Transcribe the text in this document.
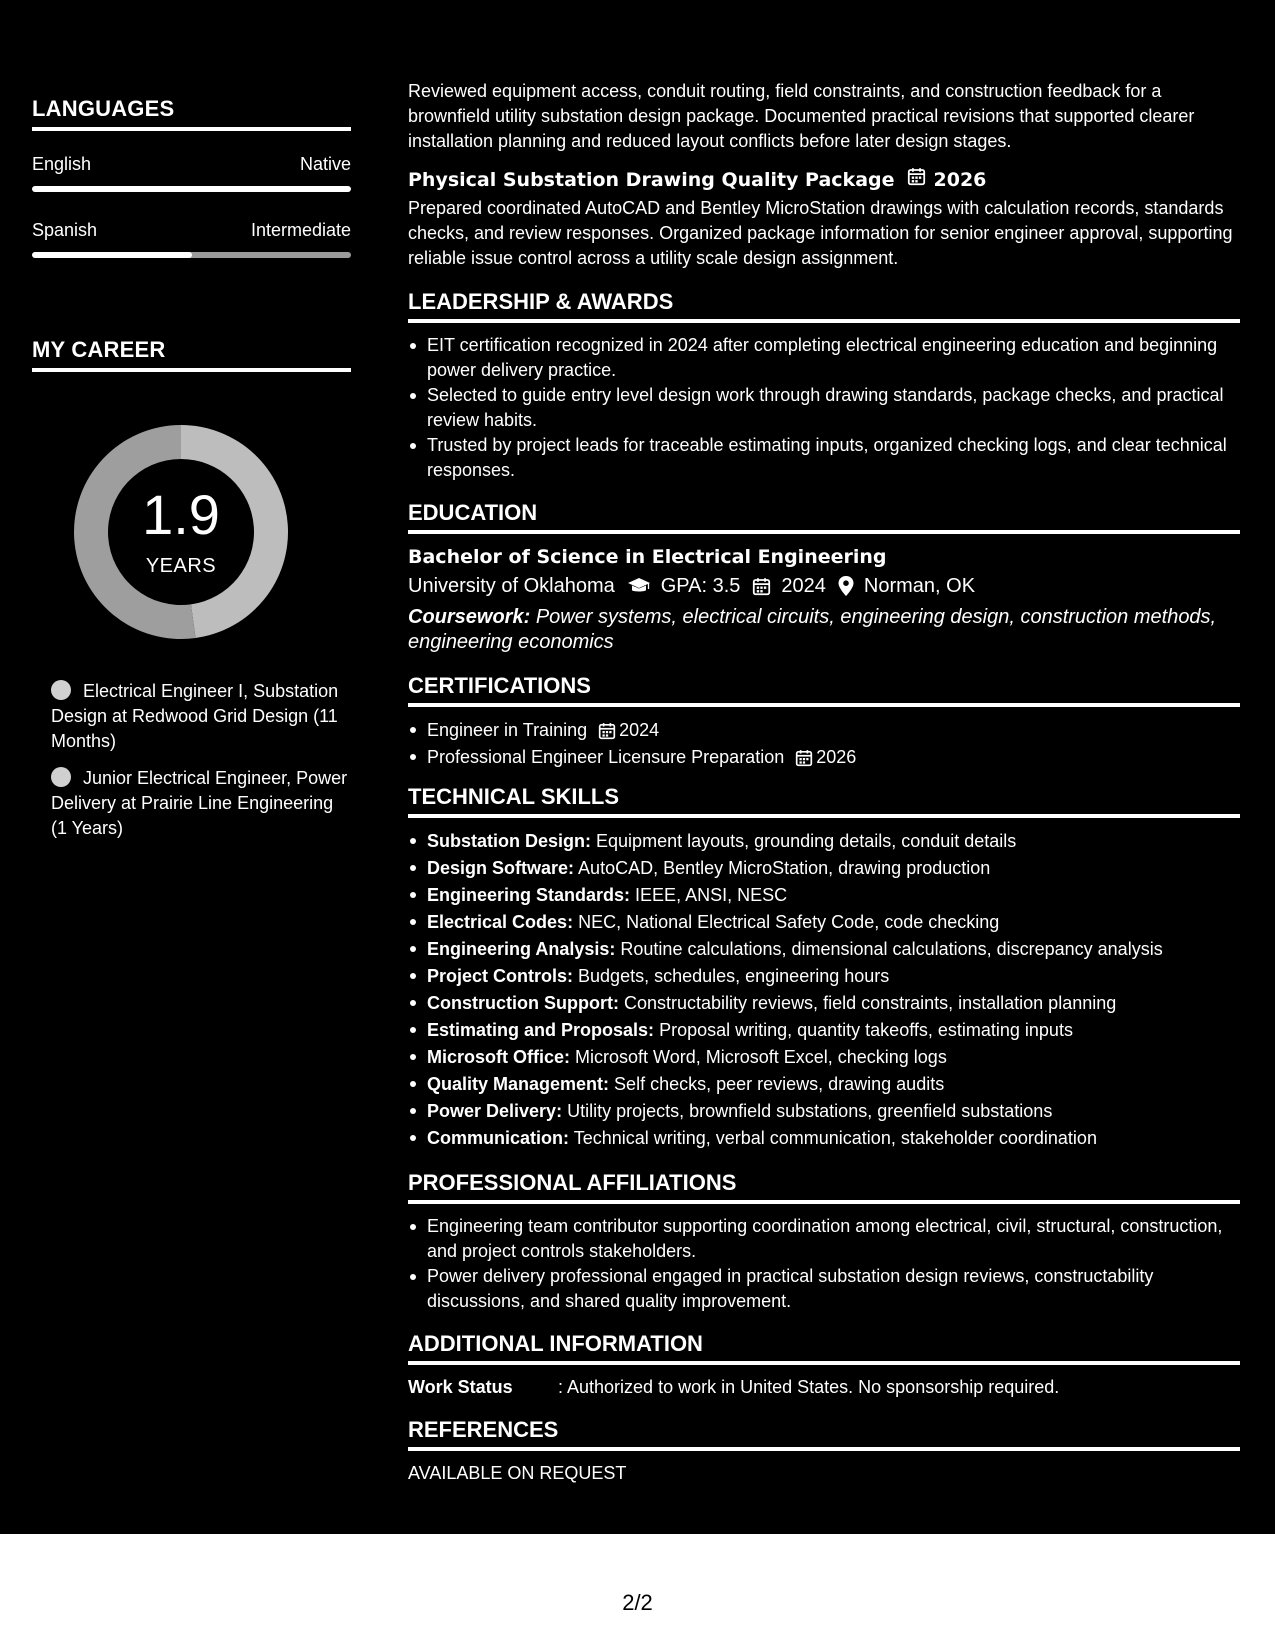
LANGUAGES
English	Native
Spanish	Intermediate
MY CAREER
1.9
YEARS
Electrical Engineer I, Substation Design at Redwood Grid Design (11 Months)
Junior Electrical Engineer, Power Delivery at Prairie Line Engineering (1 Years)
Reviewed equipment access, conduit routing, field constraints, and construction feedback for a brownfield utility substation design package. Documented practical revisions that supported clearer installation planning and reduced layout conflicts before later design stages.
Physical Substation Drawing Quality Package 2026
Prepared coordinated AutoCAD and Bentley MicroStation drawings with calculation records, standards checks, and review responses. Organized package information for senior engineer approval, supporting reliable issue control across a utility scale design assignment.
LEADERSHIP & AWARDS
EIT certification recognized in 2024 after completing electrical engineering education and beginning power delivery practice.
Selected to guide entry level design work through drawing standards, package checks, and practical review habits.
Trusted by project leads for traceable estimating inputs, organized checking logs, and clear technical responses.
EDUCATION
Bachelor of Science in Electrical Engineering
University of Oklahoma GPA: 3.5 2024 Norman, OK
Coursework: Power systems, electrical circuits, engineering design, construction methods, engineering economics
CERTIFICATIONS
Engineer in Training 2024
Professional Engineer Licensure Preparation 2026
TECHNICAL SKILLS
Substation Design: Equipment layouts, grounding details, conduit details
Design Software: AutoCAD, Bentley MicroStation, drawing production
Engineering Standards: IEEE, ANSI, NESC
Electrical Codes: NEC, National Electrical Safety Code, code checking
Engineering Analysis: Routine calculations, dimensional calculations, discrepancy analysis
Project Controls: Budgets, schedules, engineering hours
Construction Support: Constructability reviews, field constraints, installation planning
Estimating and Proposals: Proposal writing, quantity takeoffs, estimating inputs
Microsoft Office: Microsoft Word, Microsoft Excel, checking logs
Quality Management: Self checks, peer reviews, drawing audits
Power Delivery: Utility projects, brownfield substations, greenfield substations
Communication: Technical writing, verbal communication, stakeholder coordination
PROFESSIONAL AFFILIATIONS
Engineering team contributor supporting coordination among electrical, civil, structural, construction, and project controls stakeholders.
Power delivery professional engaged in practical substation design reviews, constructability discussions, and shared quality improvement.
ADDITIONAL INFORMATION
Work Status	: Authorized to work in United States. No sponsorship required.
REFERENCES
AVAILABLE ON REQUEST
2/2
